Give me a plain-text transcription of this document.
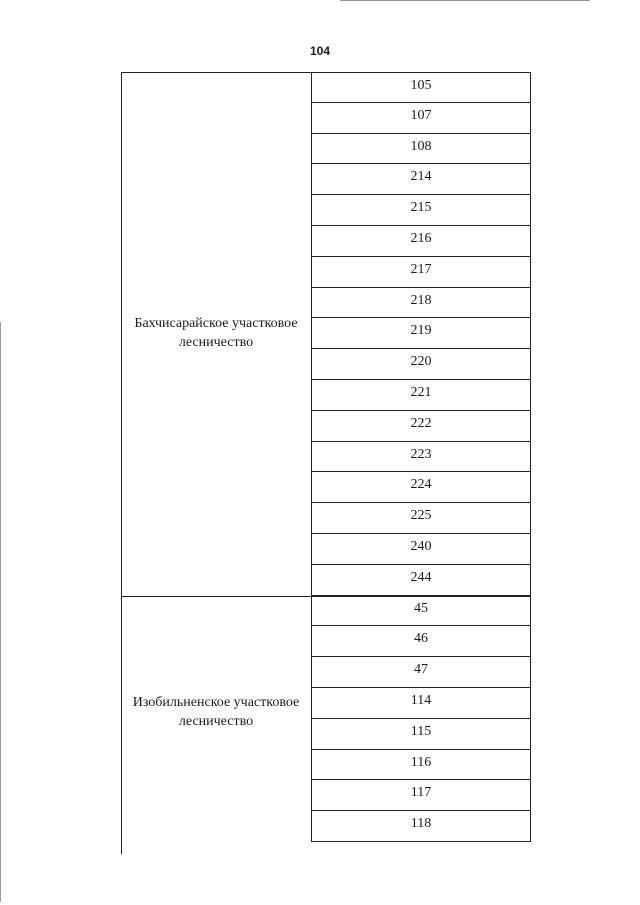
104
Бахчисарайское участковое лесничество
105
107
108
214
215
216
217
218
219
220
221
222
223
224
225
240
244
Изобильненское участковое лесничество
45
46
47
114
115
116
117
118
